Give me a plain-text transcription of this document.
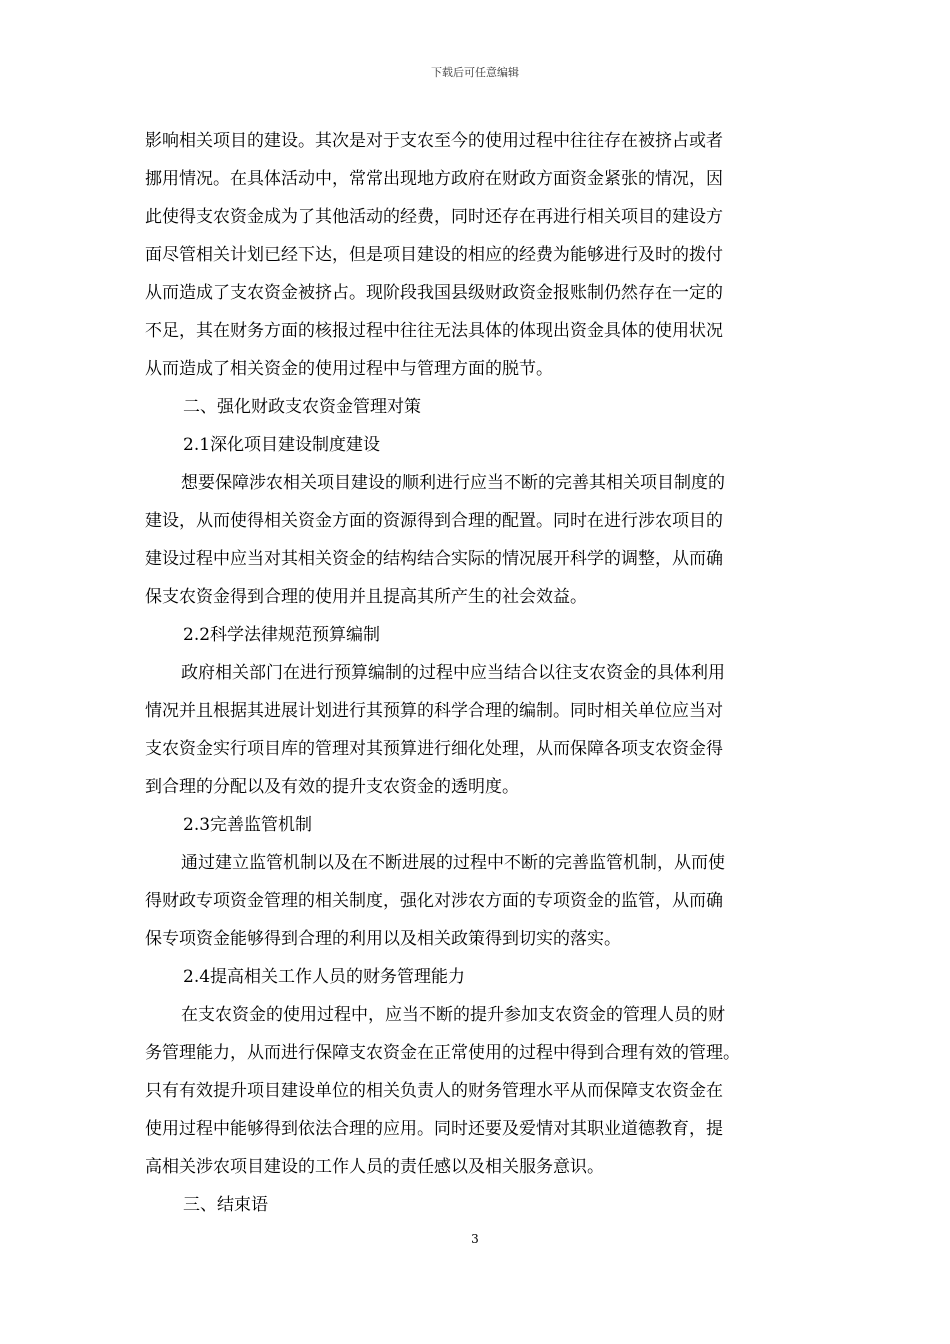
下载后可任意编辑
影响相关项目的建设。其次是对于支农至今的使用过程中往往存在被挤占或者
挪用情况。在具体活动中，常常出现地方政府在财政方面资金紧张的情况，因
此使得支农资金成为了其他活动的经费，同时还存在再进行相关项目的建设方
面尽管相关计划已经下达，但是项目建设的相应的经费为能够进行及时的拨付
从而造成了支农资金被挤占。现阶段我国县级财政资金报账制仍然存在一定的
不足，其在财务方面的核报过程中往往无法具体的体现出资金具体的使用状况
从而造成了相关资金的使用过程中与管理方面的脱节。
二、强化财政支农资金管理对策
2.1深化项目建设制度建设
想要保障涉农相关项目建设的顺利进行应当不断的完善其相关项目制度的
建设，从而使得相关资金方面的资源得到合理的配置。同时在进行涉农项目的
建设过程中应当对其相关资金的结构结合实际的情况展开科学的调整，从而确
保支农资金得到合理的使用并且提高其所产生的社会效益。
2.2科学法律规范预算编制
政府相关部门在进行预算编制的过程中应当结合以往支农资金的具体利用
情况并且根据其进展计划进行其预算的科学合理的编制。同时相关单位应当对
支农资金实行项目库的管理对其预算进行细化处理，从而保障各项支农资金得
到合理的分配以及有效的提升支农资金的透明度。
2.3完善监管机制
通过建立监管机制以及在不断进展的过程中不断的完善监管机制，从而使
得财政专项资金管理的相关制度，强化对涉农方面的专项资金的监管，从而确
保专项资金能够得到合理的利用以及相关政策得到切实的落实。
2.4提高相关工作人员的财务管理能力
在支农资金的使用过程中，应当不断的提升参加支农资金的管理人员的财
务管理能力，从而进行保障支农资金在正常使用的过程中得到合理有效的管理。
只有有效提升项目建设单位的相关负责人的财务管理水平从而保障支农资金在
使用过程中能够得到依法合理的应用。同时还要及爱情对其职业道德教育，提
高相关涉农项目建设的工作人员的责任感以及相关服务意识。
三、结束语
3
